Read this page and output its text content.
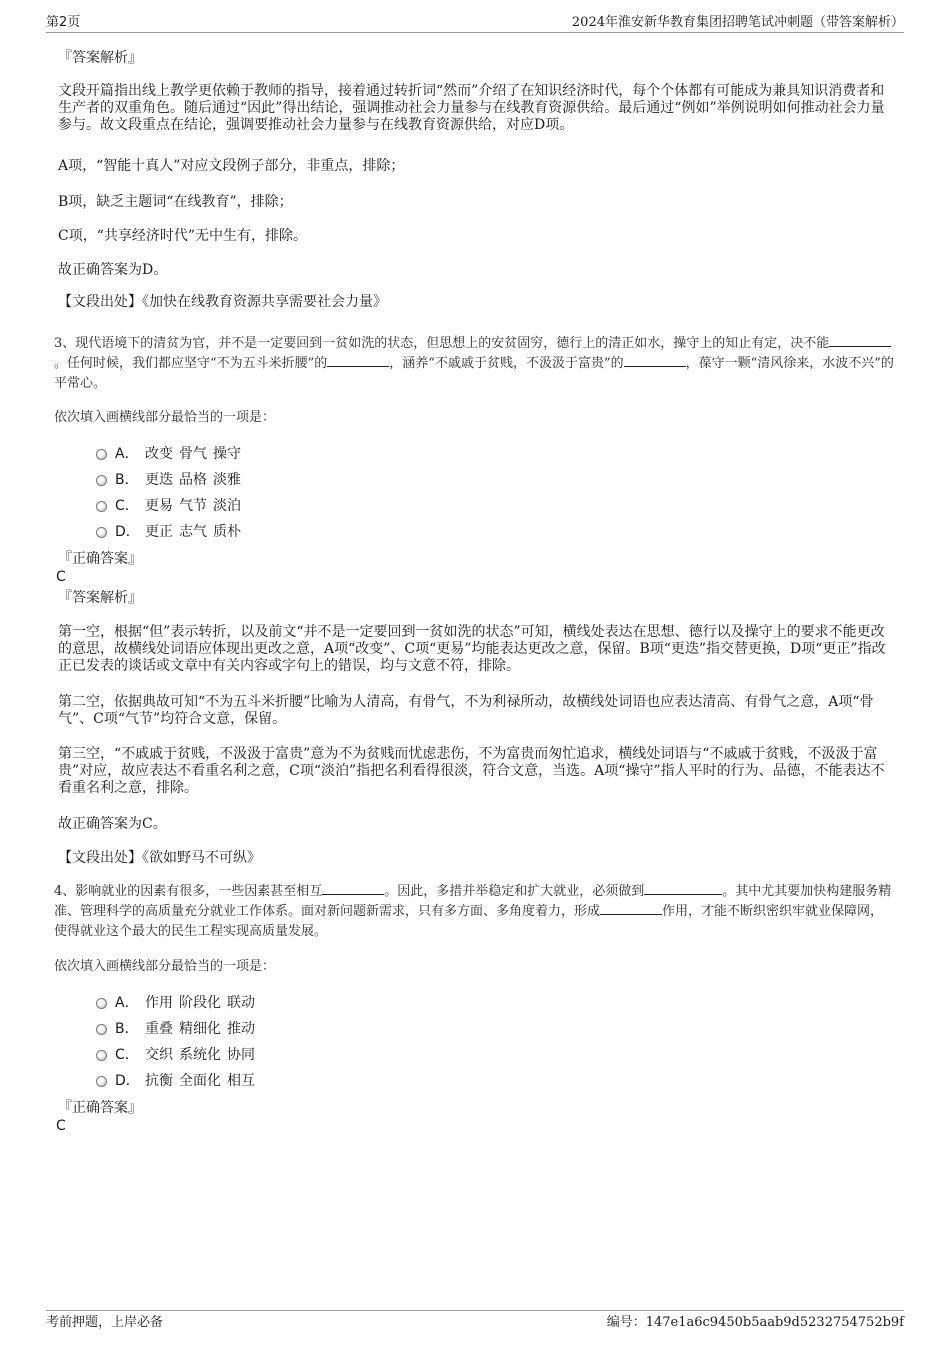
第2页	2024年淮安新华教育集团招聘笔试冲刺题（带答案解析）
『答案解析』
文段开篇指出线上教学更依赖于教师的指导，接着通过转折词“然而”介绍了在知识经济时代，每个个体都有可能成为兼具知识消费者和生产者的双重角色。随后通过“因此”得出结论，强调推动社会力量参与在线教育资源供给。最后通过“例如”举例说明如何推动社会力量参与。故文段重点在结论，强调要推动社会力量参与在线教育资源供给，对应D项。
A项，“智能十真人”对应文段例子部分，非重点，排除；
B项，缺乏主题词“在线教育”，排除；
C项，“共享经济时代”无中生有，排除。
故正确答案为D。
【文段出处】《加快在线教育资源共享需要社会力量》
3、现代语境下的清贫为官，并不是一定要回到一贫如洗的状态，但思想上的安贫固穷，德行上的清正如水，操守上的知止有定，决不能。任何时候，我们都应坚守“不为五斗米折腰”的	，涵养“不戚戚于贫贱，不汲汲于富贵”的	，葆守一颗“清风徐来，水波不兴”的平常心。
依次填入画横线部分最恰当的一项是：
A． 改变 骨气 操守
B． 更迭 品格 淡雅
C． 更易 气节 淡泊
D． 更正 志气 质朴
『正确答案』
C
『答案解析』
第一空，根据“但”表示转折，以及前文“并不是一定要回到一贫如洗的状态”可知，横线处表达在思想、德行以及操守上的要求不能更改的意思，故横线处词语应体现出更改之意，A项“改变”、C项“更易”均能表达更改之意，保留。B项“更迭”指交替更换，D项“更正”指改正已发表的谈话或文章中有关内容或字句上的错误，均与文意不符，排除。
第二空，依据典故可知“不为五斗米折腰”比喻为人清高，有骨气，不为利禄所动，故横线处词语也应表达清高、有骨气之意，A项“骨气”、C项“气节”均符合文意，保留。
第三空，“不戚戚于贫贱，不汲汲于富贵”意为不为贫贱而忧虑悲伤，不为富贵而匆忙追求，横线处词语与“不戚戚于贫贱，不汲汲于富贵”对应，故应表达不看重名利之意，C项“淡泊”指把名利看得很淡，符合文意，当选。A项“操守”指人平时的行为、品德，不能表达不看重名利之意，排除。
故正确答案为C。
【文段出处】《欲如野马不可纵》
4、影响就业的因素有很多，一些因素甚至相互	。因此，多措并举稳定和扩大就业，必须做到	。其中尤其要加快构建服务精准、管理科学的高质量充分就业工作体系。面对新问题新需求，只有多方面、多角度着力，形成	作用，才能不断织密织牢就业保障网，使得就业这个最大的民生工程实现高质量发展。
依次填入画横线部分最恰当的一项是：
A． 作用 阶段化 联动
B． 重叠 精细化 推动
C． 交织 系统化 协同
D． 抗衡 全面化 相互
『正确答案』
C
考前押题，上岸必备	编号：147e1a6c9450b5aab9d5232754752b9f
